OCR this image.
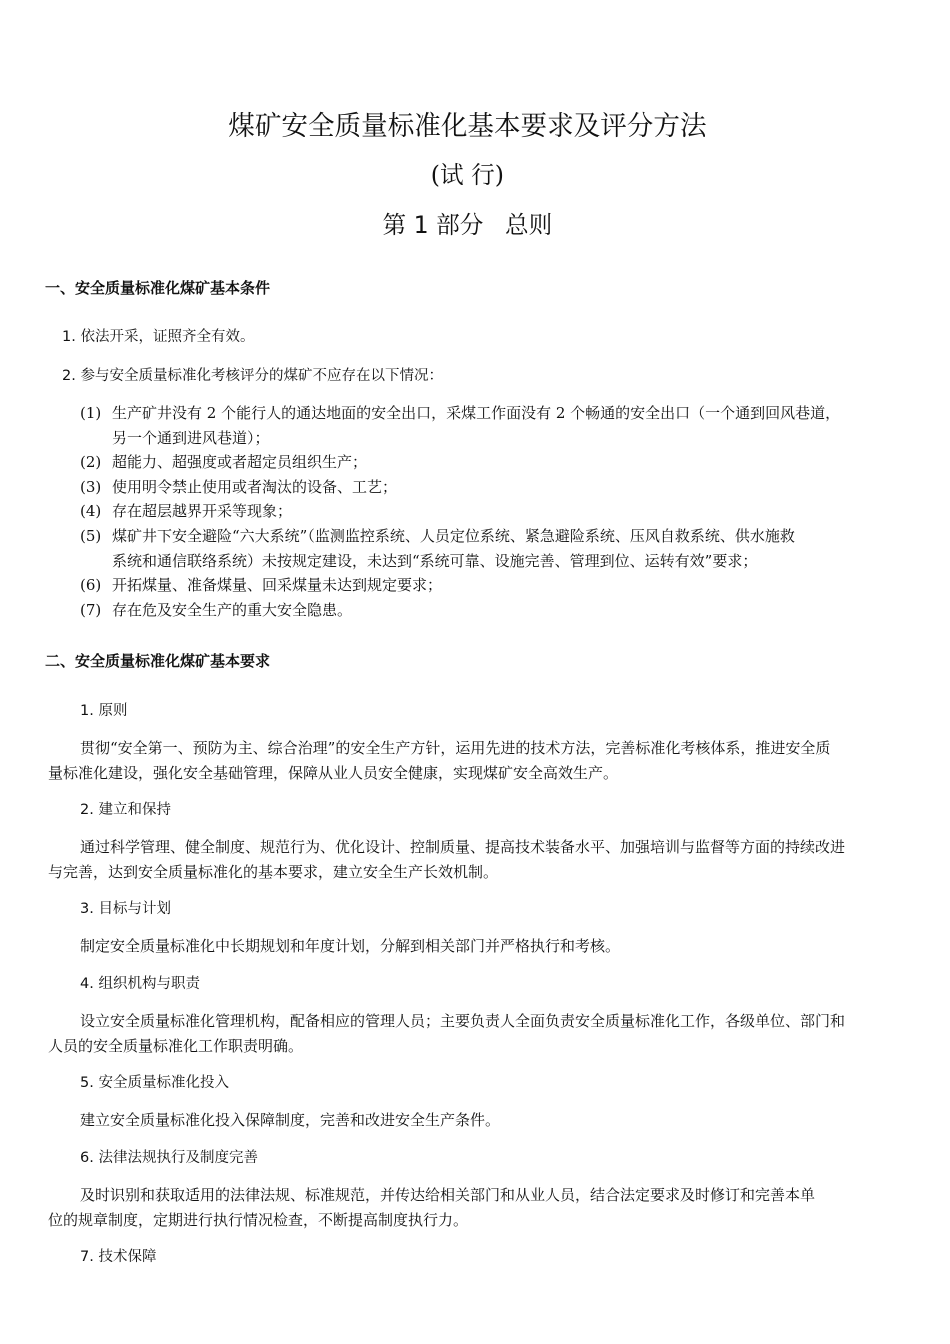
煤矿安全质量标准化基本要求及评分方法
(试 行)
第 1 部分 总则
一、安全质量标准化煤矿基本条件
1. 依法开采，证照齐全有效。
2. 参与安全质量标准化考核评分的煤矿不应存在以下情况：
(1) 生产矿井没有 2 个能行人的通达地面的安全出口，采煤工作面没有 2 个畅通的安全出口（一个通到回风巷道，
另一个通到进风巷道）；
(2) 超能力、超强度或者超定员组织生产；
(3) 使用明令禁止使用或者淘汰的设备、工艺；
(4) 存在超层越界开采等现象；
(5) 煤矿井下安全避险“六大系统”（监测监控系统、人员定位系统、紧急避险系统、压风自救系统、供水施救
系统和通信联络系统）未按规定建设，未达到“系统可靠、设施完善、管理到位、运转有效”要求；
(6) 开拓煤量、准备煤量、回采煤量未达到规定要求；
(7) 存在危及安全生产的重大安全隐患。
二、安全质量标准化煤矿基本要求
1. 原则
贯彻“安全第一、预防为主、综合治理”的安全生产方针，运用先进的技术方法，完善标准化考核体系，推进安全质
量标准化建设，强化安全基础管理，保障从业人员安全健康，实现煤矿安全高效生产。
2. 建立和保持
通过科学管理、健全制度、规范行为、优化设计、控制质量、提高技术装备水平、加强培训与监督等方面的持续改进
与完善，达到安全质量标准化的基本要求，建立安全生产长效机制。
3. 目标与计划
制定安全质量标准化中长期规划和年度计划，分解到相关部门并严格执行和考核。
4. 组织机构与职责
设立安全质量标准化管理机构，配备相应的管理人员；主要负责人全面负责安全质量标准化工作，各级单位、部门和
人员的安全质量标准化工作职责明确。
5. 安全质量标准化投入
建立安全质量标准化投入保障制度，完善和改进安全生产条件。
6. 法律法规执行及制度完善
及时识别和获取适用的法律法规、标准规范，并传达给相关部门和从业人员，结合法定要求及时修订和完善本单
位的规章制度，定期进行执行情况检查，不断提高制度执行力。
7. 技术保障
